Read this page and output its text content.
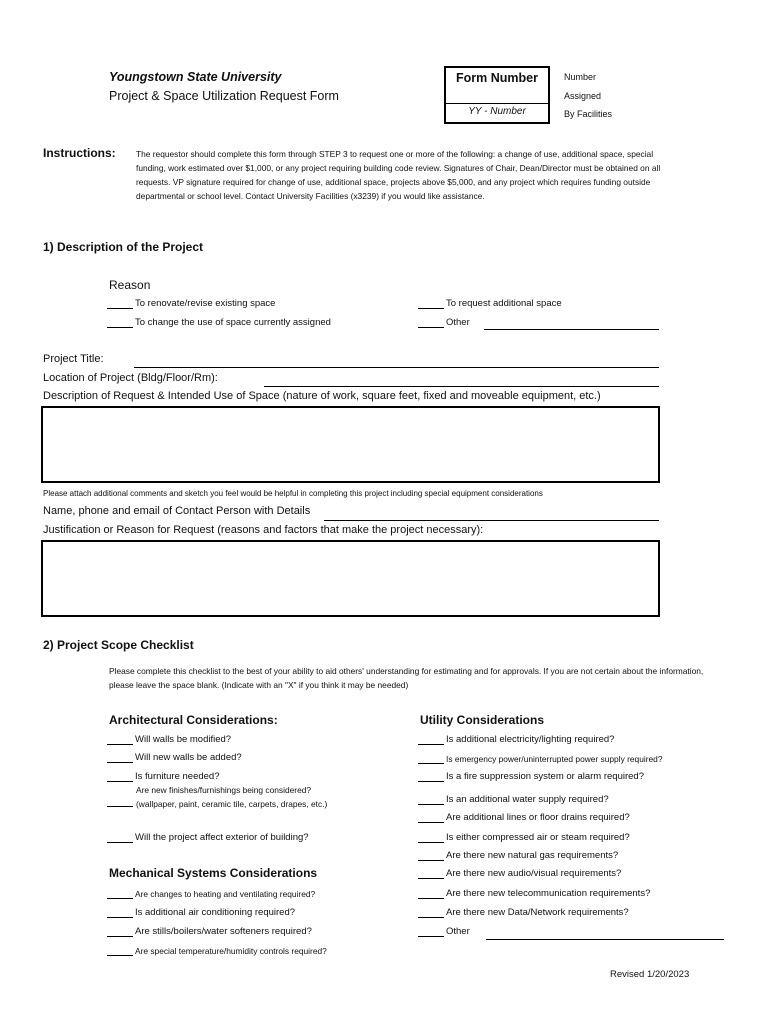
Youngstown State University
Project & Space Utilization Request Form
Form Number
YY - Number
Number
Assigned
By Facilities
Instructions: The requestor should complete this form through STEP 3 to request one or more of the following: a change of use, additional space, special funding, work estimated over $1,000, or any project requiring building code review. Signatures of Chair, Dean/Director must be obtained on all requests. VP signature required for change of use, additional space, projects above $5,000, and any project which requires funding outside departmental or school level. Contact University Facilities (x3239) if you would like assistance.
1) Description of the Project
Reason
To renovate/revise existing space
To change the use of space currently assigned
To request additional space
Other
Project Title:
Location of Project (Bldg/Floor/Rm):
Description of Request & Intended Use of Space (nature of work, square feet, fixed and moveable equipment, etc.)
Please attach additional comments and sketch you feel would be helpful in completing this project including special equipment considerations
Name, phone and email of Contact Person with Details
Justification or Reason for Request (reasons and factors that make the project necessary):
2) Project Scope Checklist
Please complete this checklist to the best of your ability to aid others' understanding for estimating and for approvals. If you are not certain about the information, please leave the space blank. (Indicate with an "X" if you think it may be needed)
Architectural Considerations:	Utility Considerations
Will walls be modified?
Will new walls be added?
Is furniture needed?
Are new finishes/furnishings being considered? (wallpaper, paint, ceramic tile, carpets, drapes, etc.)
Will the project affect exterior of building?
Mechanical Systems Considerations
Are changes to heating and ventilating required?
Is additional air conditioning required?
Are stills/boilers/water softeners required?
Are special temperature/humidity controls required?
Is additional electricity/lighting required?
Is emergency power/uninterrupted power supply required?
Is a fire suppression system or alarm required?
Is an additional water supply required?
Are additional lines or floor drains required?
Is either compressed air or steam required?
Are there new natural gas requirements?
Are there new audio/visual requirements?
Are there new telecommunication requirements?
Are there new Data/Network requirements?
Other
Revised 1/20/2023
